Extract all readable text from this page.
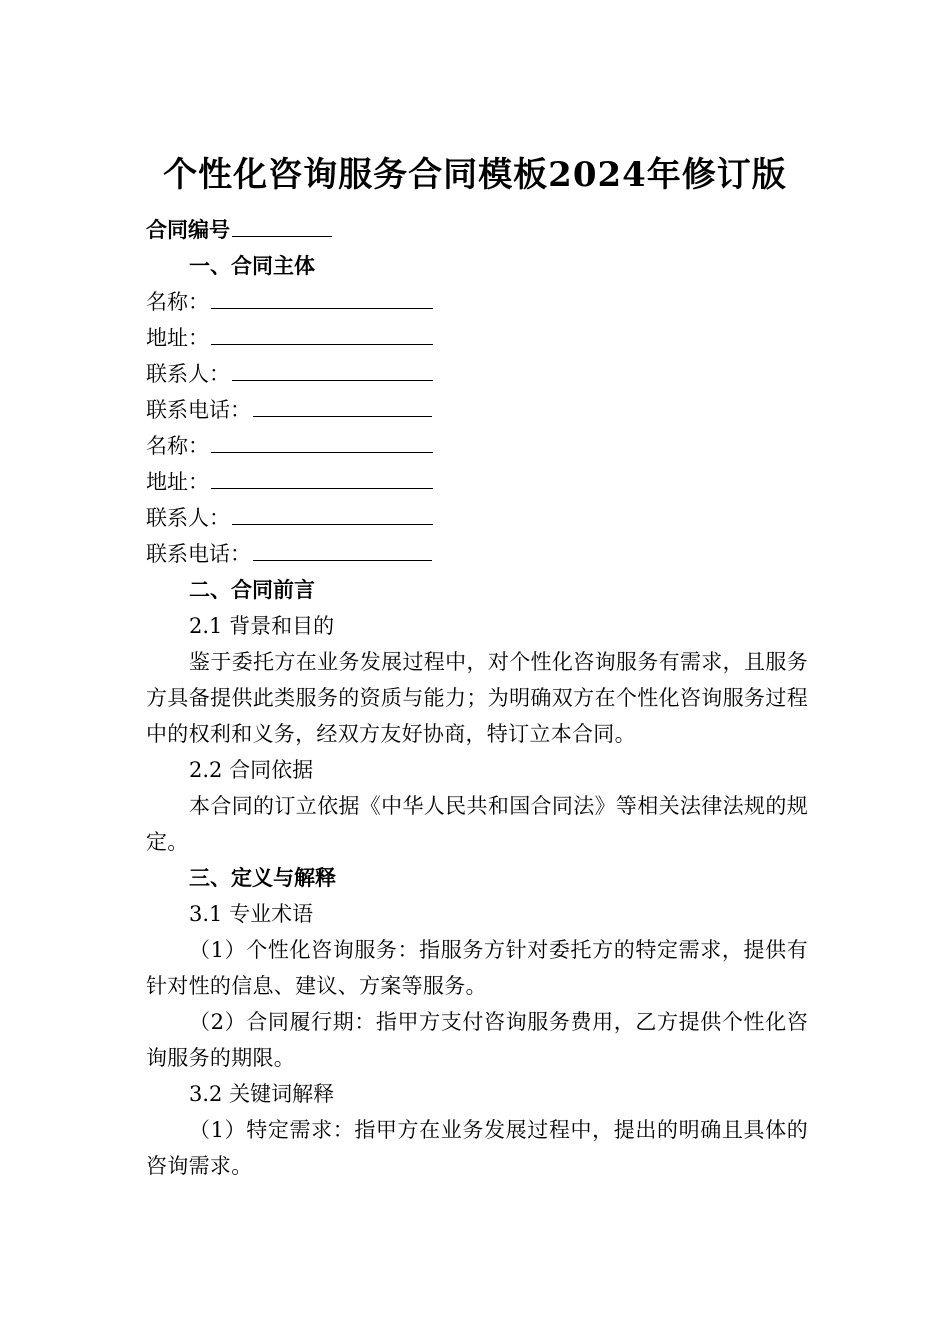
个性化咨询服务合同模板2024年修订版

合同编号

一、合同主体

名称：

地址：

联系人：

联系电话：

名称：

地址：

联系人：

联系电话：

二、合同前言

2.1 背景和目的

鉴于委托方在业务发展过程中，对个性化咨询服务有需求，且服务方具备提供此类服务的资质与能力；为明确双方在个性化咨询服务过程中的权利和义务，经双方友好协商，特订立本合同。

2.2 合同依据

本合同的订立依据《中华人民共和国合同法》等相关法律法规的规定。

三、定义与解释

3.1 专业术语

（1）个性化咨询服务：指服务方针对委托方的特定需求，提供有针对性的信息、建议、方案等服务。

（2）合同履行期：指甲方支付咨询服务费用，乙方提供个性化咨询服务的期限。

3.2 关键词解释

（1）特定需求：指甲方在业务发展过程中，提出的明确且具体的咨询需求。
